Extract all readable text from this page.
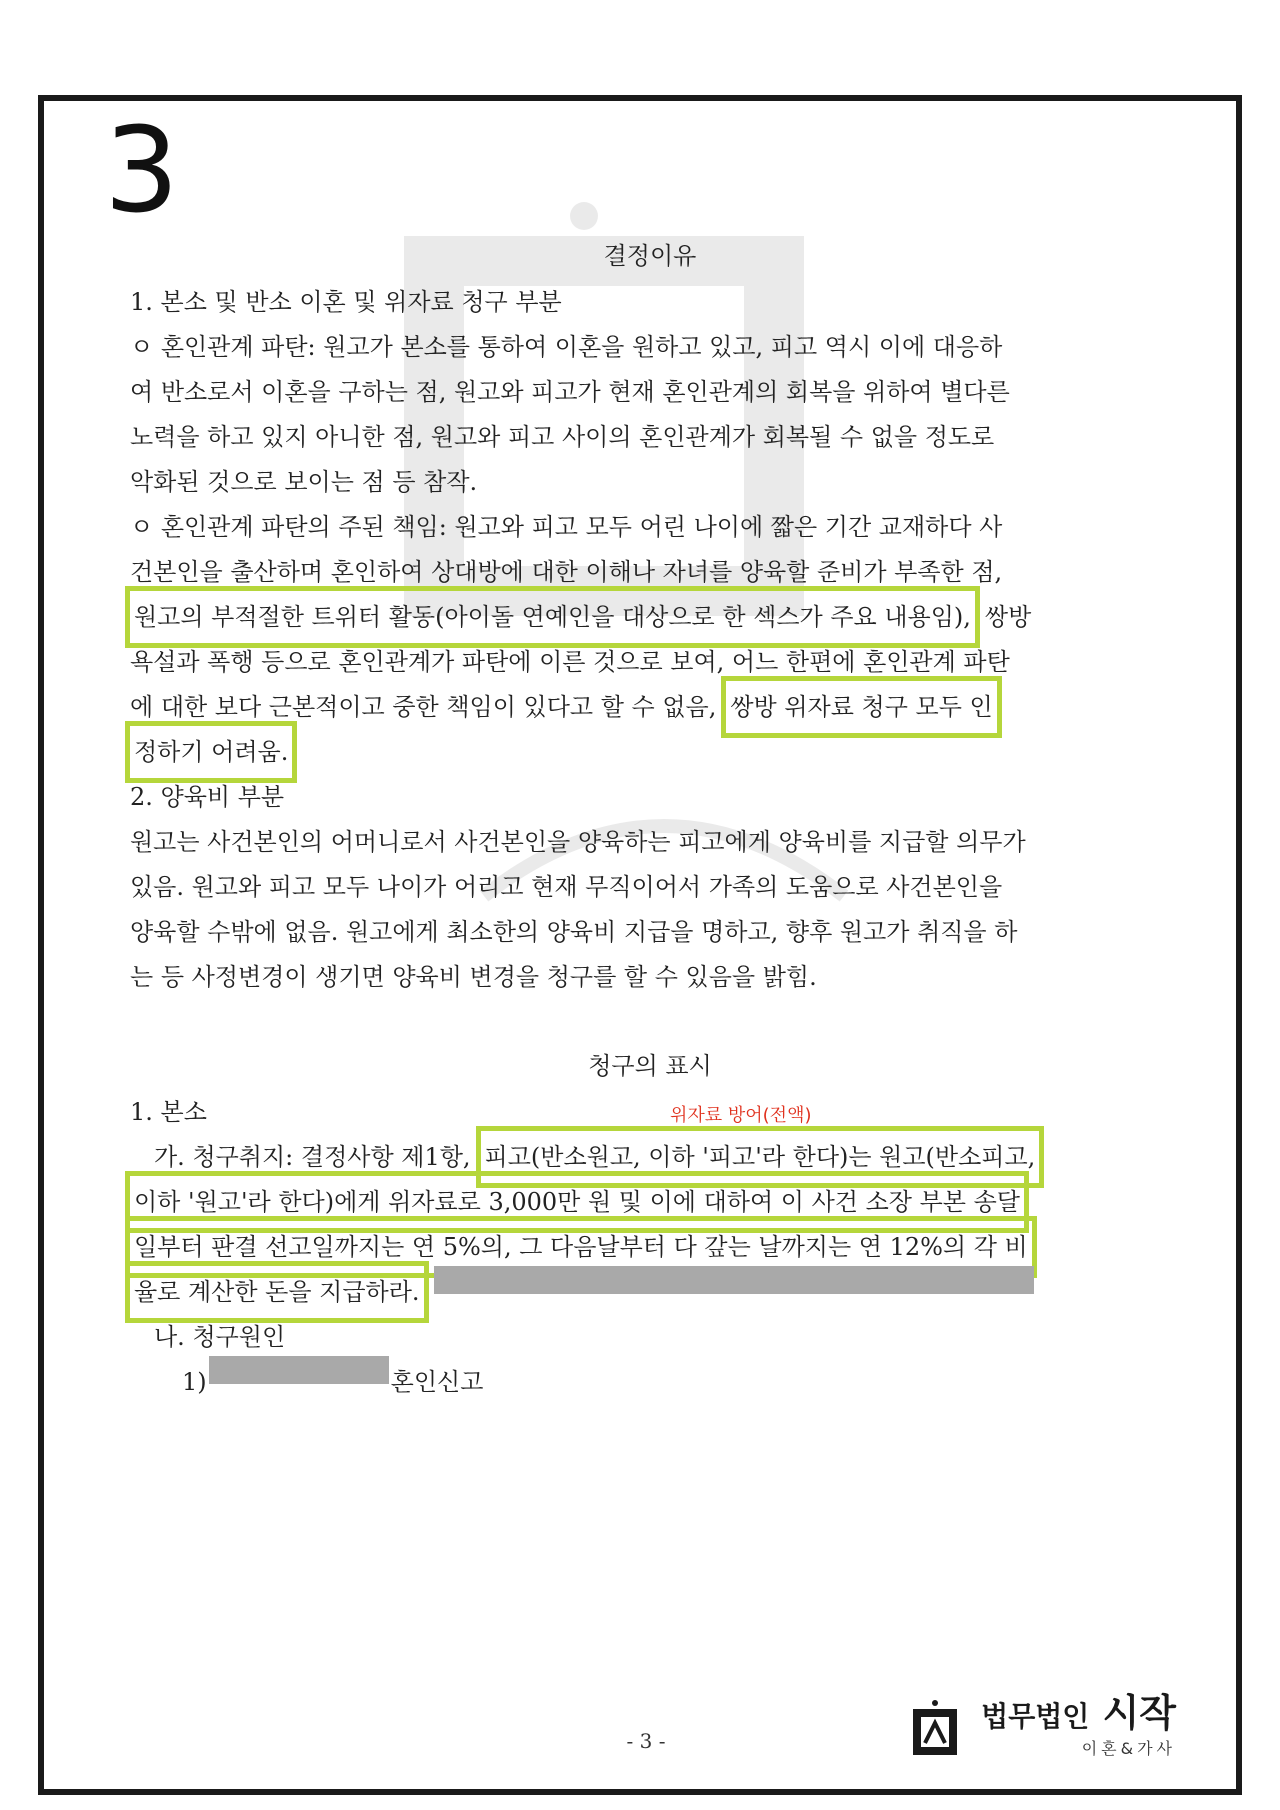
3
결정이유
1. 본소 및 반소 이혼 및 위자료 청구 부분
ㅇ 혼인관계 파탄: 원고가 본소를 통하여 이혼을 원하고 있고, 피고 역시 이에 대응하
여 반소로서 이혼을 구하는 점, 원고와 피고가 현재 혼인관계의 회복을 위하여 별다른
노력을 하고 있지 아니한 점, 원고와 피고 사이의 혼인관계가 회복될 수 없을 정도로
악화된 것으로 보이는 점 등 참작.
ㅇ 혼인관계 파탄의 주된 책임: 원고와 피고 모두 어린 나이에 짧은 기간 교재하다 사
건본인을 출산하며 혼인하여 상대방에 대한 이해나 자녀를 양육할 준비가 부족한 점,
원고의 부적절한 트위터 활동(아이돌 연예인을 대상으로 한 섹스가 주요 내용임), 쌍방
욕설과 폭행 등으로 혼인관계가 파탄에 이른 것으로 보여, 어느 한편에 혼인관계 파탄
에 대한 보다 근본적이고 중한 책임이 있다고 할 수 없음, 쌍방 위자료 청구 모두 인
정하기 어려움.
2. 양육비 부분
원고는 사건본인의 어머니로서 사건본인을 양육하는 피고에게 양육비를 지급할 의무가
있음. 원고와 피고 모두 나이가 어리고 현재 무직이어서 가족의 도움으로 사건본인을
양육할 수밖에 없음. 원고에게 최소한의 양육비 지급을 명하고, 향후 원고가 취직을 하
는 등 사정변경이 생기면 양육비 변경을 청구를 할 수 있음을 밝힘.
청구의 표시
1. 본소	위자료 방어(전액)
가. 청구취지: 결정사항 제1항, 피고(반소원고, 이하 '피고'라 한다)는 원고(반소피고,
이하 '원고'라 한다)에게 위자료로 3,000만 원 및 이에 대하여 이 사건 소장 부본 송달
일부터 판결 선고일까지는 연 5%의, 그 다음날부터 다 갚는 날까지는 연 12%의 각 비
율로 계산한 돈을 지급하라.
나. 청구원인
1)	혼인신고
- 3 -
법무법인 시작
이혼&가사
